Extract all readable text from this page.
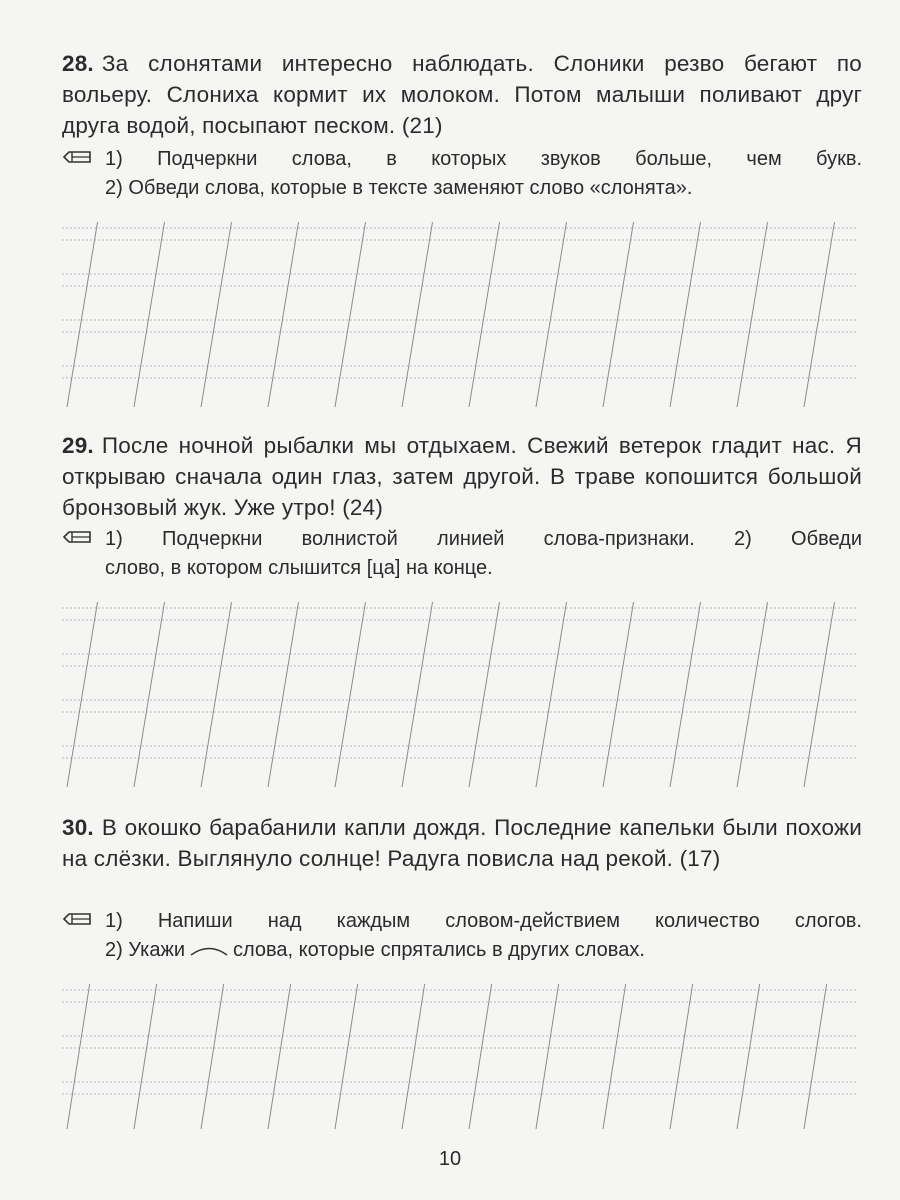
28. За слонятами интересно наблюдать. Слоники резво бегают по вольеру. Слониха кормит их молоком. Потом малыши поливают друг друга водой, посыпают песком. (21)

1) Подчеркни слова, в которых звуков больше, чем букв.
2) Обведи слова, которые в тексте заменяют слово «слонята».

29. После ночной рыбалки мы отдыхаем. Свежий ветерок гладит нас. Я открываю сначала один глаз, затем другой. В траве копошится большой бронзовый жук. Уже утро! (24)

1) Подчеркни волнистой линией слова-признаки. 2) Обведи
слово, в котором слышится [ца] на конце.

30. В окошко барабанили капли дождя. Последние капельки были похожи на слёзки. Выглянуло солнце! Радуга повисла над рекой. (17)

1) Напиши над каждым словом-действием количество слогов.
2) Укажи слова, которые спрятались в других словах.
10
